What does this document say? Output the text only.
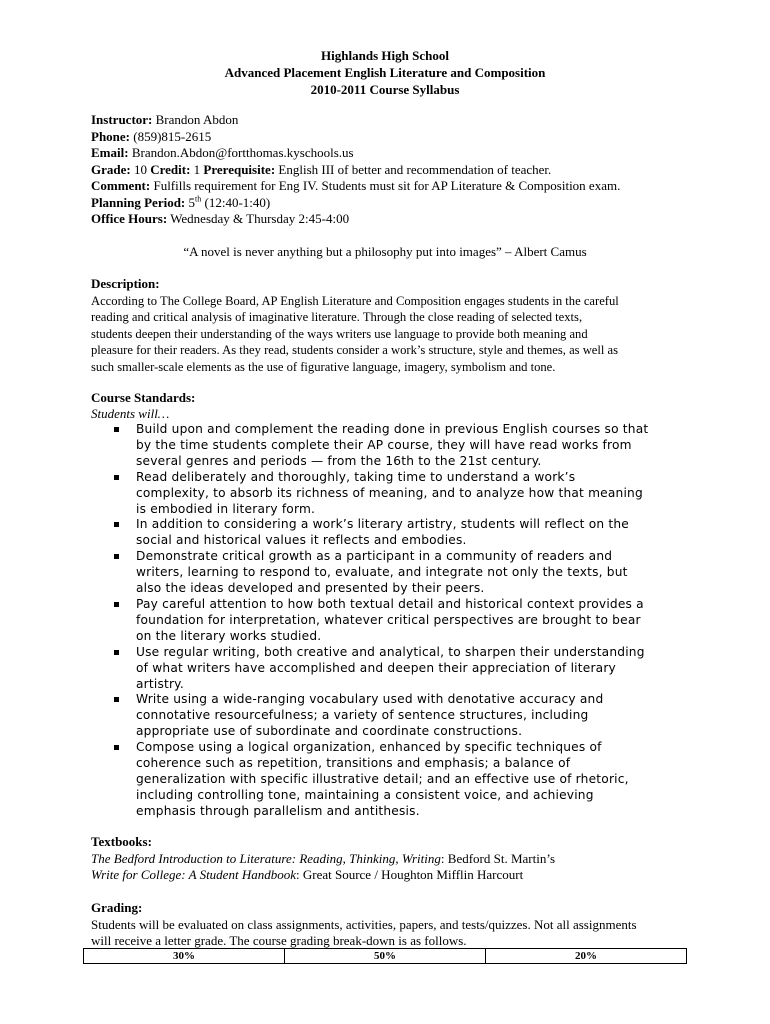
Highlands High School
Advanced Placement English Literature and Composition
2010-2011 Course Syllabus
Instructor: Brandon Abdon
Phone: (859)815-2615
Email: Brandon.Abdon@fortthomas.kyschools.us
Grade: 10 Credit: 1 Prerequisite: English III of better and recommendation of teacher.
Comment: Fulfills requirement for Eng IV. Students must sit for AP Literature & Composition exam.
Planning Period: 5th (12:40-1:40)
Office Hours: Wednesday & Thursday 2:45-4:00
“A novel is never anything but a philosophy put into images” – Albert Camus
Description:
According to The College Board, AP English Literature and Composition engages students in the careful
reading and critical analysis of imaginative literature. Through the close reading of selected texts,
students deepen their understanding of the ways writers use language to provide both meaning and
pleasure for their readers. As they read, students consider a work’s structure, style and themes, as well as
such smaller-scale elements as the use of figurative language, imagery, symbolism and tone.
Course Standards:
Students will…
Build upon and complement the reading done in previous English courses so that
by the time students complete their AP course, they will have read works from
several genres and periods — from the 16th to the 21st century.
Read deliberately and thoroughly, taking time to understand a work’s
complexity, to absorb its richness of meaning, and to analyze how that meaning
is embodied in literary form.
In addition to considering a work’s literary artistry, students will reflect on the
social and historical values it reflects and embodies.
Demonstrate critical growth as a participant in a community of readers and
writers, learning to respond to, evaluate, and integrate not only the texts, but
also the ideas developed and presented by their peers.
Pay careful attention to how both textual detail and historical context provides a
foundation for interpretation, whatever critical perspectives are brought to bear
on the literary works studied.
Use regular writing, both creative and analytical, to sharpen their understanding
of what writers have accomplished and deepen their appreciation of literary
artistry.
Write using a wide-ranging vocabulary used with denotative accuracy and
connotative resourcefulness; a variety of sentence structures, including
appropriate use of subordinate and coordinate constructions.
Compose using a logical organization, enhanced by specific techniques of
coherence such as repetition, transitions and emphasis; a balance of
generalization with specific illustrative detail; and an effective use of rhetoric,
including controlling tone, maintaining a consistent voice, and achieving
emphasis through parallelism and antithesis.
Textbooks:
The Bedford Introduction to Literature: Reading, Thinking, Writing: Bedford St. Martin’s
Write for College: A Student Handbook: Great Source / Houghton Mifflin Harcourt
Grading:
Students will be evaluated on class assignments, activities, papers, and tests/quizzes. Not all assignments
will receive a letter grade. The course grading break-down is as follows.
30%	50%	20%
